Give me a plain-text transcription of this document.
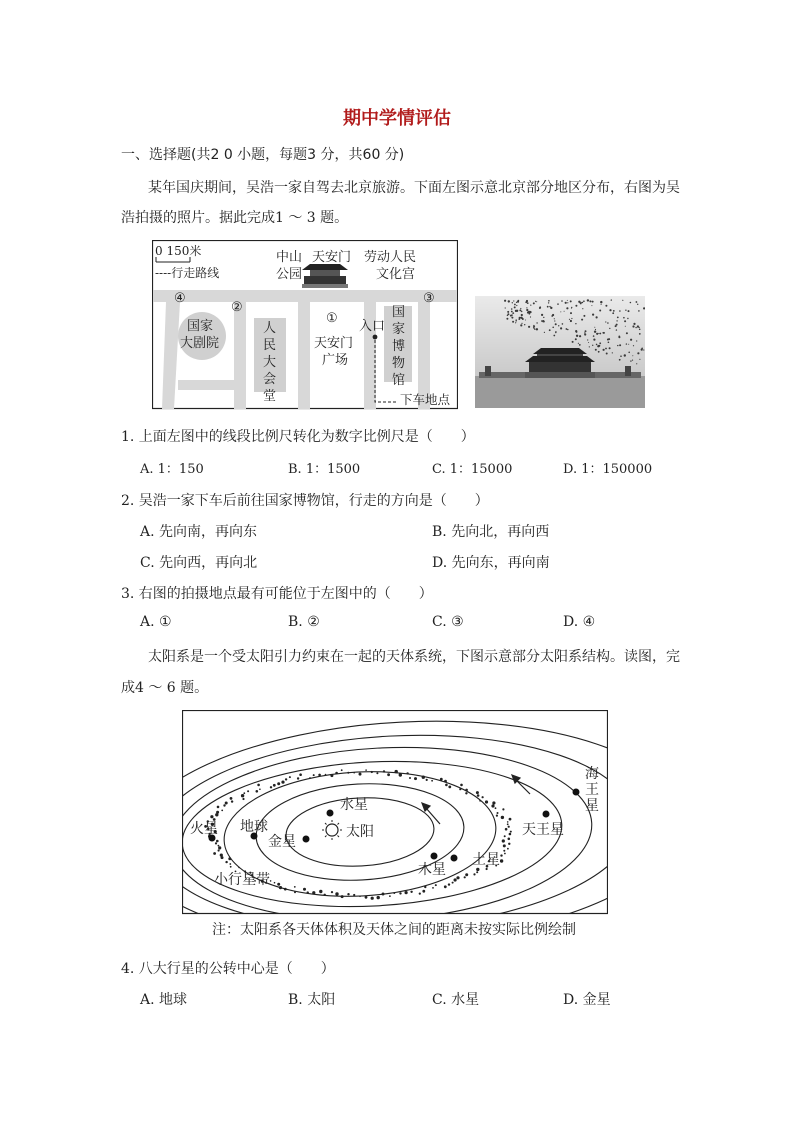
期中学情评估
一、选择题(共2 0 小题，每题3 分，共60 分)
某年国庆期间，吴浩一家自驾去北京旅游。下面左图示意北京部分地区分布，右图为吴
浩拍摄的照片。据此完成1 ～ 3 题。
0 150米
----行走路线
中山
公园
天安门 劳动人民
文化宫
④
②
①
③
国家
大剧院
人
民
大
会
堂
天安门
广场
国
家
博
物
馆
入口
下车地点
1. 上面左图中的线段比例尺转化为数字比例尺是（　　）
A. 1：150	B. 1：1500	C. 1：15000	D. 1：150000
2. 吴浩一家下车后前往国家博物馆，行走的方向是（　　）
A. 先向南，再向东	B. 先向北，再向西
C. 先向西，再向北	D. 先向东，再向南
3. 右图的拍摄地点最有可能位于左图中的（　　）
A. ①	B. ②	C. ③	D. ④
太阳系是一个受太阳引力约束在一起的天体系统，下图示意部分太阳系结构。读图，完
成4 ～ 6 题。
水星
太阳
金星
地球
火星
小行星带
木星
土星
天王星
海
王
星
注：太阳系各天体体积及天体之间的距离未按实际比例绘制
4. 八大行星的公转中心是（　　）
A. 地球	B. 太阳	C. 水星	D. 金星
